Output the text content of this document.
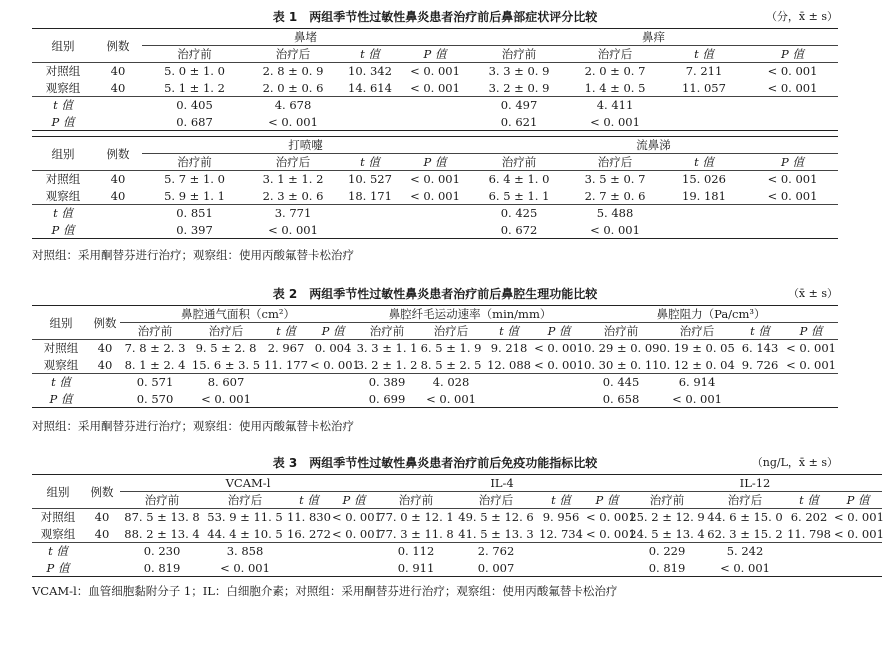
表 1 两组季节性过敏性鼻炎患者治疗前后鼻部症状评分比较	（分，x̄ ± s）
组别	例数	鼻堵				鼻痒			
		治疗前	治疗后	t 值	P 值	治疗前	治疗后	t 值	P 值
对照组	40	5. 0 ± 1. 0	2. 8 ± 0. 9	10. 342	< 0. 001	3. 3 ± 0. 9	2. 0 ± 0. 7	7. 211	< 0. 001
观察组	40	5. 1 ± 1. 2	2. 0 ± 0. 6	14. 614	< 0. 001	3. 2 ± 0. 9	1. 4 ± 0. 5	11. 057	< 0. 001
t 值		0. 405	4. 678			0. 497	4. 411		
P 值		0. 687	< 0. 001			0. 621	< 0. 001		
组别	例数	打喷嚏				流鼻涕			
		治疗前	治疗后	t 值	P 值	治疗前	治疗后	t 值	P 值
对照组	40	5. 7 ± 1. 0	3. 1 ± 1. 2	10. 527	< 0. 001	6. 4 ± 1. 0	3. 5 ± 0. 7	15. 026	< 0. 001
观察组	40	5. 9 ± 1. 1	2. 3 ± 0. 6	18. 171	< 0. 001	6. 5 ± 1. 1	2. 7 ± 0. 6	19. 181	< 0. 001
t 值		0. 851	3. 771			0. 425	5. 488		
P 值		0. 397	< 0. 001			0. 672	< 0. 001		
对照组：采用酮替芬进行治疗；观察组：使用丙酸氟替卡松治疗
表 2 两组季节性过敏性鼻炎患者治疗前后鼻腔生理功能比较	（x̄ ± s）
组别	例数	鼻腔通气面积（cm²）				鼻腔纤毛运动速率（min/mm）				鼻腔阻力（Pa/cm³）			
		治疗前	治疗后	t 值	P 值	治疗前	治疗后	t 值	P 值	治疗前	治疗后	t 值	P 值
对照组	40	7. 8 ± 2. 3	9. 5 ± 2. 8	2. 967	0. 004	3. 3 ± 1. 1	6. 5 ± 1. 9	9. 218	< 0. 001	0. 29 ± 0. 09	0. 19 ± 0. 05	6. 143	< 0. 001
观察组	40	8. 1 ± 2. 4	15. 6 ± 3. 5	11. 177	< 0. 001	3. 2 ± 1. 2	8. 5 ± 2. 5	12. 088	< 0. 001	0. 30 ± 0. 11	0. 12 ± 0. 04	9. 726	< 0. 001
t 值		0. 571	8. 607			0. 389	4. 028			0. 445	6. 914		
P 值		0. 570	< 0. 001			0. 699	< 0. 001			0. 658	< 0. 001		
对照组：采用酮替芬进行治疗；观察组：使用丙酸氟替卡松治疗
表 3 两组季节性过敏性鼻炎患者治疗前后免疫功能指标比较	（ng/L，x̄ ± s）
组别	例数	VCAM-l				IL-4				IL-12			
		治疗前	治疗后	t 值	P 值	治疗前	治疗后	t 值	P 值	治疗前	治疗后	t 值	P 值
对照组	40	87. 5 ± 13. 8	53. 9 ± 11. 5	11. 830	< 0. 001	77. 0 ± 12. 1	49. 5 ± 12. 6	9. 956	< 0. 001	25. 2 ± 12. 9	44. 6 ± 15. 0	6. 202	< 0. 001
观察组	40	88. 2 ± 13. 4	44. 4 ± 10. 5	16. 272	< 0. 001	77. 3 ± 11. 8	41. 5 ± 13. 3	12. 734	< 0. 001	24. 5 ± 13. 4	62. 3 ± 15. 2	11. 798	< 0. 001
t 值		0. 230	3. 858			0. 112	2. 762			0. 229	5. 242		
P 值		0. 819	< 0. 001			0. 911	0. 007			0. 819	< 0. 001		
VCAM-l：血管细胞黏附分子 1；IL：白细胞介素；对照组：采用酮替芬进行治疗；观察组：使用丙酸氟替卡松治疗
